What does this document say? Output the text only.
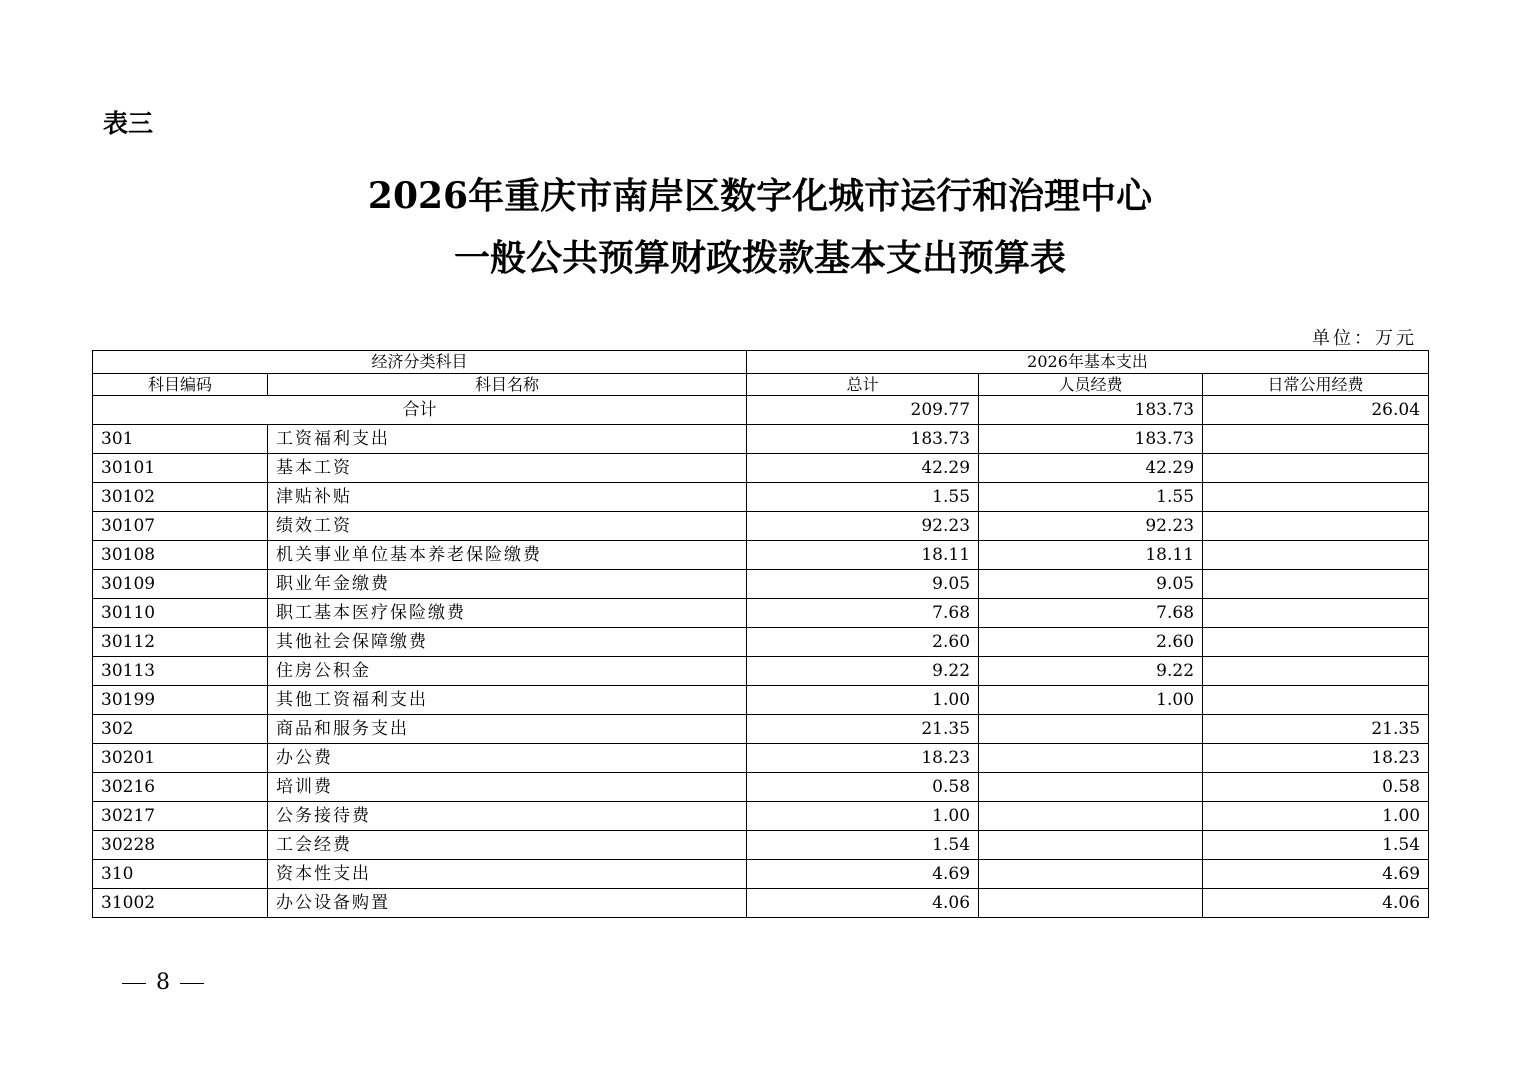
表三
2026年重庆市南岸区数字化城市运行和治理中心
一般公共预算财政拨款基本支出预算表
单位：万元
经济分类科目		2026年基本支出		
科目编码	科目名称	总计	人员经费	日常公用经费
合计		209.77	183.73	26.04
301	工资福利支出	183.73	183.73	
30101	基本工资	42.29	42.29	
30102	津贴补贴	1.55	1.55	
30107	绩效工资	92.23	92.23	
30108	机关事业单位基本养老保险缴费	18.11	18.11	
30109	职业年金缴费	9.05	9.05	
30110	职工基本医疗保险缴费	7.68	7.68	
30112	其他社会保障缴费	2.60	2.60	
30113	住房公积金	9.22	9.22	
30199	其他工资福利支出	1.00	1.00	
302	商品和服务支出	21.35		21.35
30201	办公费	18.23		18.23
30216	培训费	0.58		0.58
30217	公务接待费	1.00		1.00
30228	工会经费	1.54		1.54
310	资本性支出	4.69		4.69
31002	办公设备购置	4.06		4.06
8
